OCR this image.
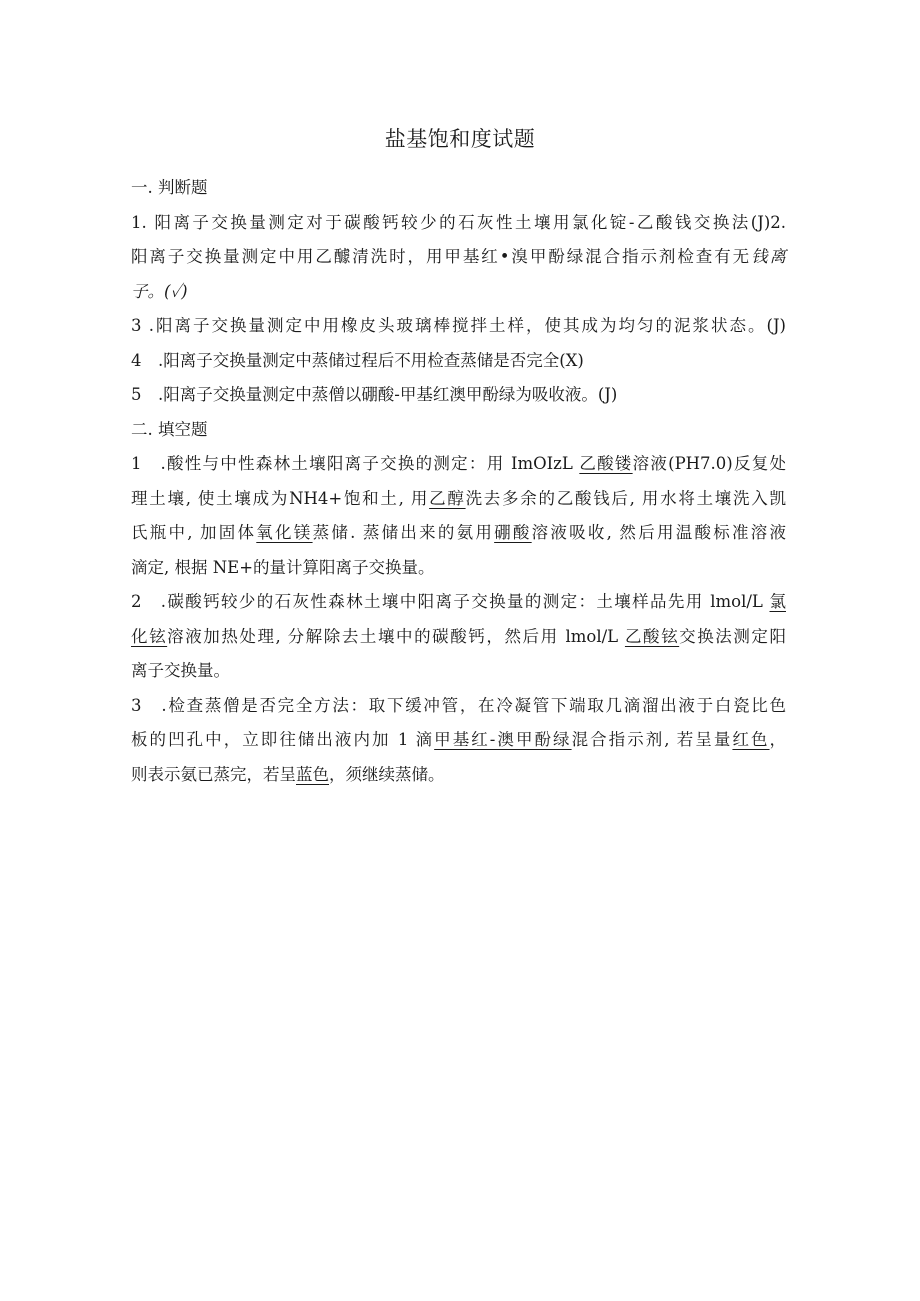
盐基饱和度试题
一. 判断题
1. 阳离子交换量测定对于碳酸钙较少的石灰性土壤用氯化锭-乙酸钱交换法(J)2.
阳离子交换量测定中用乙醵清洗时，用甲基红•溴甲酚绿混合指示剂检查有无钱离
子。(✓)
3 .阳离子交换量测定中用橡皮头玻璃棒搅拌土样，使其成为均匀的泥浆状态。(J)
4　.阳离子交换量测定中蒸储过程后不用检查蒸储是否完全(X)
5　.阳离子交换量测定中蒸僧以硼酸-甲基红澳甲酚绿为吸收液。(J)
二. 填空题
1　.酸性与中性森林土壤阳离子交换的测定：用 ImOIzL 乙酸镂溶液(PH7.0)反复处
理土壤, 使土壤成为NH4+饱和土, 用乙醇洗去多余的乙酸钱后, 用水将土壤洗入凯
氏瓶中, 加固体氧化镁蒸储. 蒸储出来的氨用硼酸溶液吸收, 然后用温酸标准溶液
滴定, 根据 NE+的量计算阳离子交换量。
2　.碳酸钙较少的石灰性森林土壤中阳离子交换量的测定：土壤样品先用 lmol/L 氯
化铉溶液加热处理, 分解除去土壤中的碳酸钙，然后用 lmol/L 乙酸铉交换法测定阳
离子交换量。
3　.检查蒸僧是否完全方法：取下缓冲管，在冷凝管下端取几滴溜出液于白瓷比色
板的凹孔中，立即往储出液内加 1 滴甲基红-澳甲酚绿混合指示剂, 若呈量红色，
则表示氨已蒸完，若呈蓝色，须继续蒸储。
